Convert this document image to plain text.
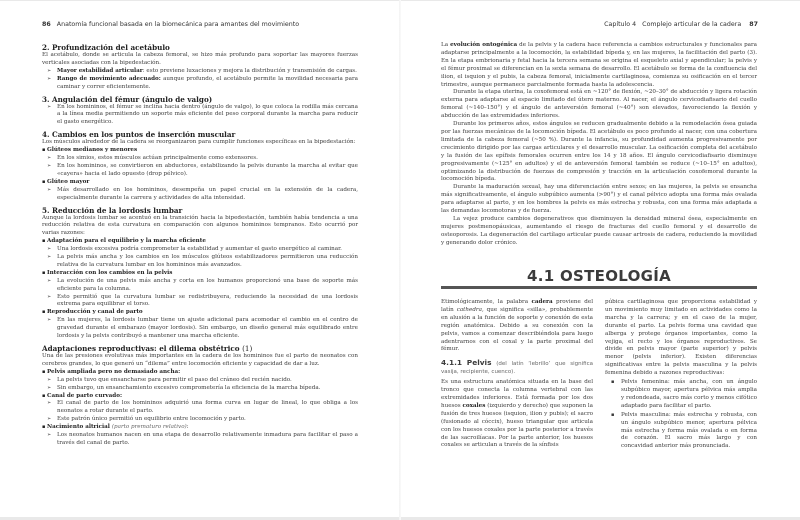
86 Anatomía funcional basada en la biomecánica para amantes del movimiento
2. Profundización del acetábulo

El acetábulo, donde se articula la cabeza femoral, se hizo más profundo para soportar las mayores fuerzas verticales asociadas con la bipedestación.

➢ Mayor estabilidad articular: esto previene luxaciones y mejora la distribución y transmisión de cargas.
➢ Rango de movimiento adecuado: aunque profundo, el acetábulo permite la movilidad necesaria para caminar y correr eficientemente.
3. Angulación del fémur (ángulo de valgo)
➢ En los homininos, el fémur se inclina hacia dentro (ángulo de valgo), lo que coloca la rodilla más cercana a la línea media permitiendo un soporte más eficiente del peso corporal durante la marcha para reducir el gasto energético.
4. Cambios en los puntos de inserción muscular

Los músculos alrededor de la cadera se reorganizaron para cumplir funciones específicas en la bipedestación:

▪ Glúteos medianos y menores
➢ En los simios, estos músculos actúan principalmente como extensores.
➢ En los homininos, se convirtieron en abductores, estabilizando la pelvis durante la marcha al evitar que «cayera» hacia el lado opuesto (drop pélvico).
▪ Glúteo mayor
➢ Más desarrollado en los homininos, desempeña un papel crucial en la extensión de la cadera, especialmente durante la carrera y actividades de alta intensidad.
5. Reducción de la lordosis lumbar

Aunque la lordosis lumbar se acentuó en la transición hacia la bipedestación, también había tendencia a una reducción relativa de esta curvatura en comparación con algunos homininos tempranos. Esto ocurrió por varias razones:

▪ Adaptación para el equilibrio y la marcha eficiente
➢ Una lordosis excesiva podría comprometer la estabilidad y aumentar el gasto energético al caminar.
➢ La pelvis más ancha y los cambios en los músculos glúteos estabilizadores permitieron una reducción relativa de la curvatura lumbar en los homininos más avanzados.
▪ Interacción con los cambios en la pelvis
➢ La evolución de una pelvis más ancha y corta en los humanos proporcionó una base de soporte más eficiente para la columna.
➢ Esto permitió que la curvatura lumbar se redistribuyera, reduciendo la necesidad de una lordosis extrema para equilibrar el torso.
▪ Reproducción y canal de parto
➢ En las mujeres, la lordosis lumbar tiene un ajuste adicional para acomodar el cambio en el centro de gravedad durante el embarazo (mayor lordosis). Sin embargo, un diseño general más equilibrado entre lordosis y la pelvis contribuyó a mantener una marcha eficiente.
Adaptaciones reproductivas: el dilema obstétrico (1)

Una de las presiones evolutivas más importantes en la cadera de los homininos fue el parto de neonatos con cerebros grandes, lo que generó un “dilema” entre locomoción eficiente y capacidad de dar a luz.

▪ Pelvis ampliada pero no demasiado ancha:
➢ La pelvis tuvo que ensancharse para permitir el paso del cráneo del recién nacido.
➢ Sin embargo, un ensanchamiento excesivo comprometería la eficiencia de la marcha bípeda.
▪ Canal de parto curvado:
➢ El canal de parto de los homininos adquirió una forma curva en lugar de lineal, lo que obliga a los neonatos a rotar durante el parto.
➢ Este patrón único permitió un equilibrio entre locomoción y parto.
▪ Nacimiento altricial (parto prematuro relativo):
➢ Los neonatos humanos nacen en una etapa de desarrollo relativamente inmadura para facilitar el paso a través del canal de parto.
Capítulo 4 Complejo articular de la cadera 87

La evolución ontogénica de la pelvis y la cadera hace referencia a cambios estructurales y funcionales para adaptarse principalmente a la locomoción, la estabilidad bípeda y, en las mujeres, la facilitación del parto (3). En la etapa embrionaria y fetal hacia la tercera semana se origina el esqueleto axial y apendicular; la pelvis y el fémur proximal se diferencian en la sexta semana de desarrollo. El acetábulo se forma de la confluencia del ilion, el isquion y el pubis, la cabeza femoral, inicialmente cartilaginosa, comienza su osificación en el tercer trimestre, aunque permanece parcialmente formada hasta la adolescencia.

Durante la etapa uterina, la coxofemoral está en ~120° de flexión, ~20–30° de abducción y ligera rotación externa para adaptarse al espacio limitado del útero materno. Al nacer, el ángulo cervicodiafisario del cuello femoral (~140–150°) y el ángulo de anteversión femoral (~40°) son elevados, favoreciendo la flexión y abducción de las extremidades inferiores.

Durante los primeros años, estos ángulos se reducen gradualmente debido a la remodelación ósea guiada por las fuerzas mecánicas de la locomoción bípeda. El acetábulo es poco profundo al nacer, con una cobertura limitada de la cabeza femoral (~50 %). Durante la infancia, su profundidad aumenta progresivamente por crecimiento dirigido por las cargas articulares y el desarrollo muscular. La osificación completa del acetábulo y la fusión de las epífisis femorales ocurren entre los 14 y 18 años. El ángulo cervicodiafisario disminuye progresivamente (~125° en adultos) y el de anteversión femoral también se reduce (~10–15° en adultos), optimizando la distribución de fuerzas de compresión y tracción en la articulación coxofemoral durante la locomoción bípeda.

Durante la maduración sexual, hay una diferenciación entre sexos; en las mujeres, la pelvis se ensancha más significativamente, el ángulo subpúbico aumenta (>90°) y el canal pélvico adopta una forma más ovalada para adaptarse al parto, y en los hombres la pelvis es más estrecha y robusta, con una forma más adaptada a las demandas locomotoras y de fuerza.

La vejez produce cambios degenerativos que disminuyen la densidad mineral ósea, especialmente en mujeres postmenopáusicas, aumentando el riesgo de fracturas del cuello femoral y el desarrollo de osteoporosis. La degeneración del cartílago articular puede causar artrosis de cadera, reduciendo la movilidad y generando dolor crónico.

4.1 OSTEOLOGÍA

Etimológicamente, la palabra cadera proviene del latín cathedra, que significa «silla», probablemente en alusión a la función de soporte y conexión de esta región anatómica. Debido a su conexión con la pelvis, vamos a comenzar describiéndola para luego adentrarnos con el coxal y la parte proximal del fémur.

4.1.1 Pelvis (del latín ‘lebrillo’ que significa vasija, recipiente, cuenco).

Es una estructura anatómica situada en la base del tronco que conecta la columna vertebral con las extremidades inferiores. Está formada por los dos huesos coxales (izquierdo y derecho) que suponen la fusión de tres huesos (isquion, ilion y pubis); el sacro (fusionado al cóccix), hueso triangular que articula con los huesos coxales por la parte posterior a través de las sacroilíacas. Por la parte anterior, los huesos coxales se articulan a través de la sínfisis

púbica cartilaginosa que proporciona estabilidad y un movimiento muy limitado en actividades como la marcha y la carrera; y en el caso de la mujer, durante el parto. La pelvis forma una cavidad que alberga y protege órganos importantes, como la vejiga, el recto y los órganos reproductivos. Se divide en pelvis mayor (parte superior) y pelvis menor (pelvis inferior). Existen diferencias significativas entre la pelvis masculina y la pelvis femenina debido a razones reproductivas:

▪ Pelvis femenina: más ancha, con un ángulo subpúbico mayor, apertura pélvica más amplia y redondeada, sacro más corto y menos cifótico adaptado para facilitar el parto.
▪ Pelvis masculina: más estrecha y robusta, con un ángulo subpúbico menor, apertura pélvica más estrecha y forma más ovalada o en forma de corazón. El sacro más largo y con concavidad anterior más pronunciada.
